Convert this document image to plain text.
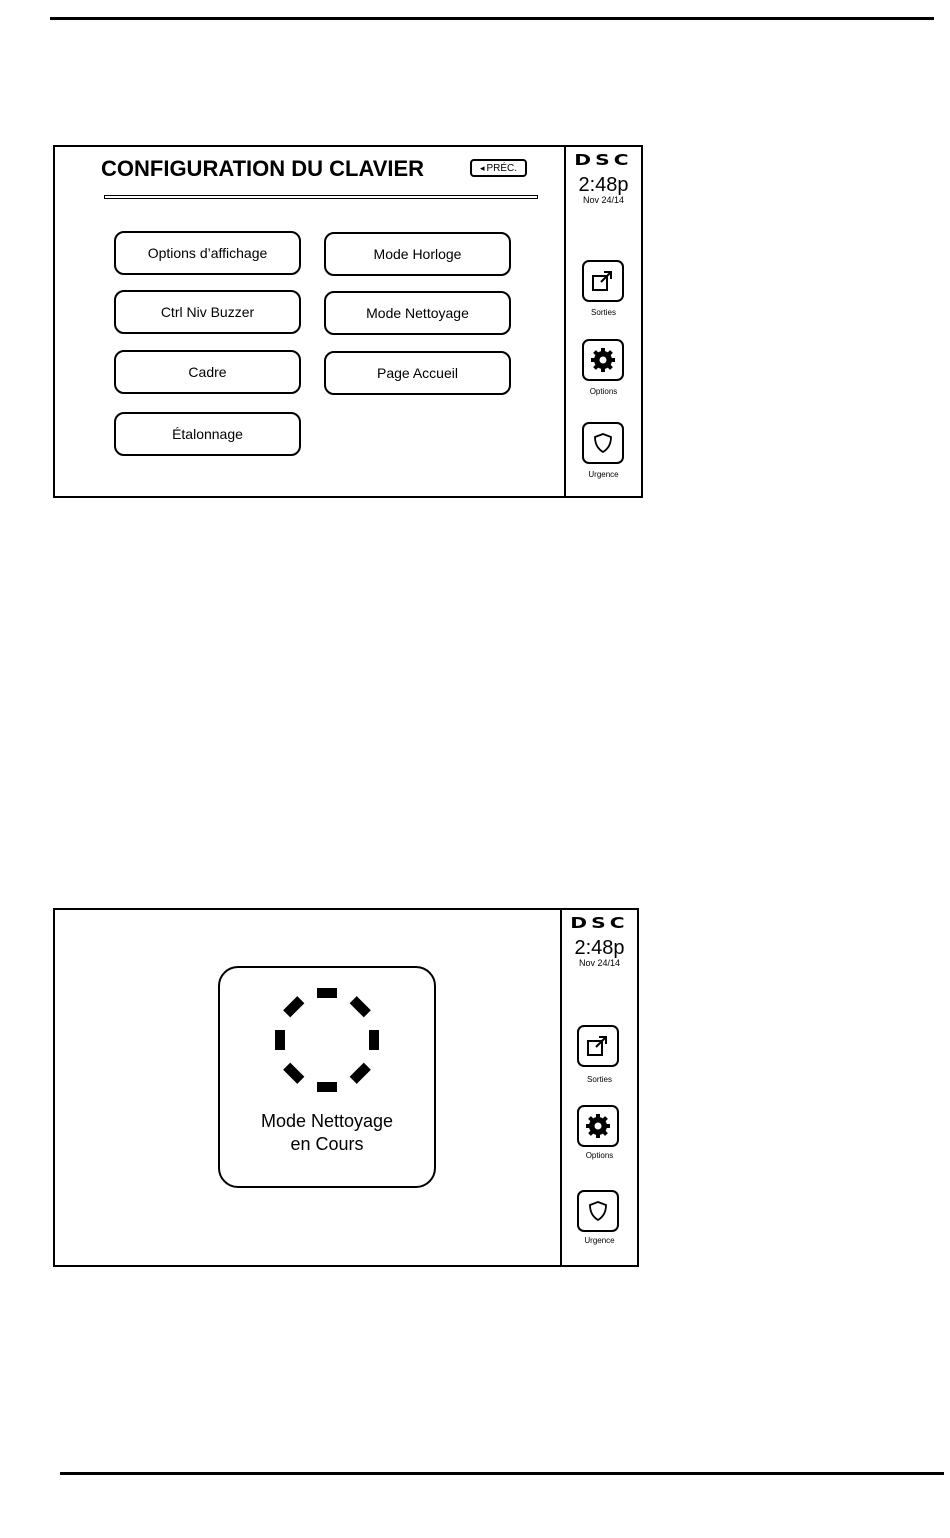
CONFIGURATION DU CLAVIER	◂ PRÉC.
Options d’affichage	Mode Horloge
Ctrl Niv Buzzer	Mode Nettoyage
Cadre	Page Accueil
Étalonnage
DSC
2:48p
Nov 24/14
Sorties
Options
Urgence
Mode Nettoyage
en Cours
DSC
2:48p
Nov 24/14
Sorties
Options
Urgence
